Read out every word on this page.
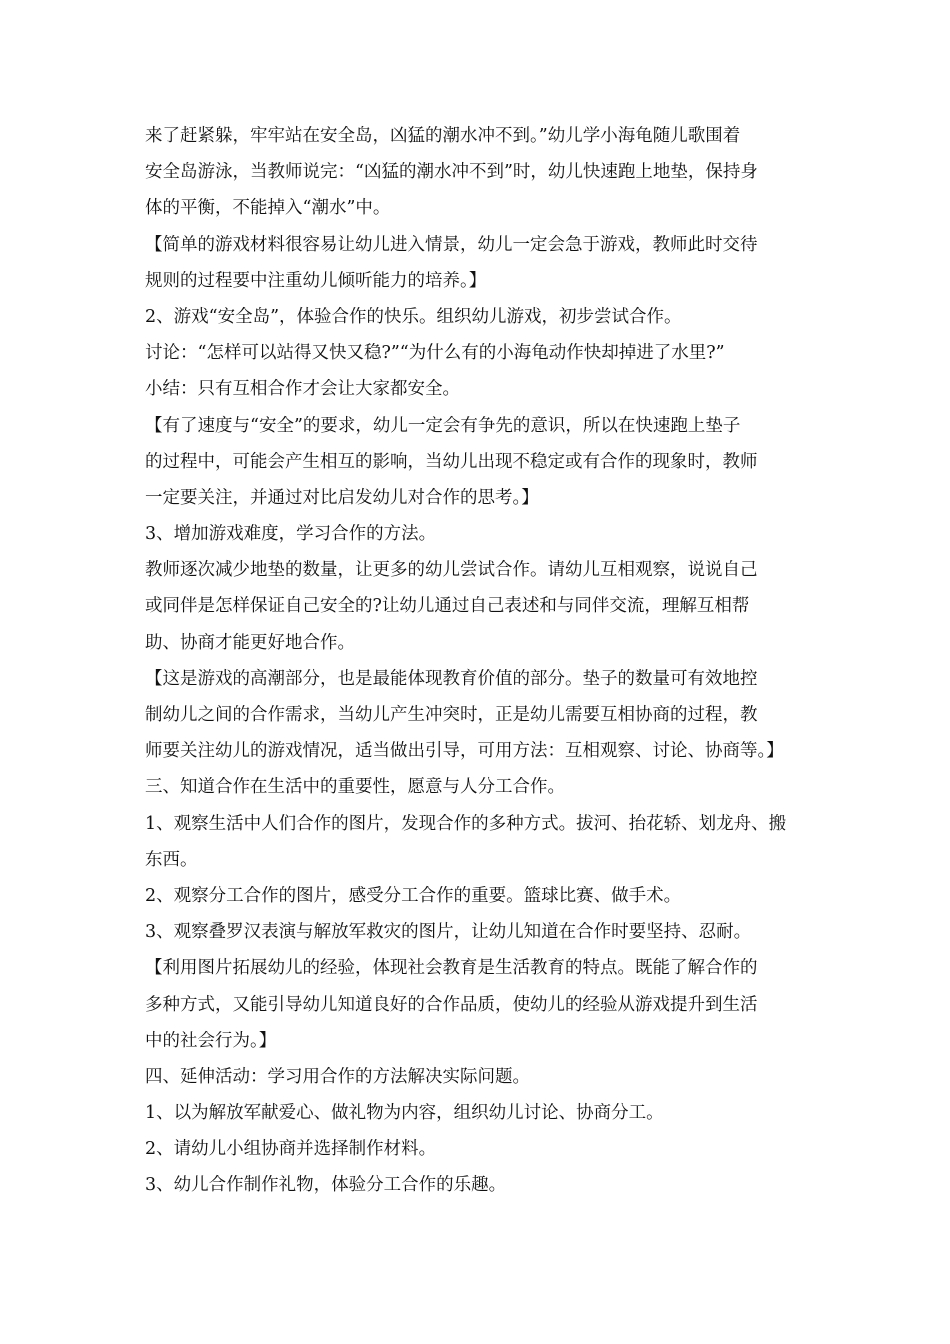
来了赶紧躲，牢牢站在安全岛，凶猛的潮水冲不到。”幼儿学小海龟随儿歌围着
安全岛游泳，当教师说完：“凶猛的潮水冲不到”时，幼儿快速跑上地垫，保持身
体的平衡，不能掉入“潮水”中。
【简单的游戏材料很容易让幼儿进入情景，幼儿一定会急于游戏，教师此时交待
规则的过程要中注重幼儿倾听能力的培养。】
2、游戏“安全岛”，体验合作的快乐。组织幼儿游戏，初步尝试合作。
讨论：“怎样可以站得又快又稳?”“为什么有的小海龟动作快却掉进了水里?”
小结：只有互相合作才会让大家都安全。
【有了速度与“安全”的要求，幼儿一定会有争先的意识，所以在快速跑上垫子
的过程中，可能会产生相互的影响，当幼儿出现不稳定或有合作的现象时，教师
一定要关注，并通过对比启发幼儿对合作的思考。】
3、增加游戏难度，学习合作的方法。
教师逐次减少地垫的数量，让更多的幼儿尝试合作。请幼儿互相观察，说说自己
或同伴是怎样保证自己安全的?让幼儿通过自己表述和与同伴交流，理解互相帮
助、协商才能更好地合作。
【这是游戏的高潮部分，也是最能体现教育价值的部分。垫子的数量可有效地控
制幼儿之间的合作需求，当幼儿产生冲突时，正是幼儿需要互相协商的过程，教
师要关注幼儿的游戏情况，适当做出引导，可用方法：互相观察、讨论、协商等。】
三、知道合作在生活中的重要性，愿意与人分工合作。
1、观察生活中人们合作的图片，发现合作的多种方式。拔河、抬花轿、划龙舟、搬
东西。
2、观察分工合作的图片，感受分工合作的重要。篮球比赛、做手术。
3、观察叠罗汉表演与解放军救灾的图片，让幼儿知道在合作时要坚持、忍耐。
【利用图片拓展幼儿的经验，体现社会教育是生活教育的特点。既能了解合作的
多种方式，又能引导幼儿知道良好的合作品质，使幼儿的经验从游戏提升到生活
中的社会行为。】
四、延伸活动：学习用合作的方法解决实际问题。
1、以为解放军献爱心、做礼物为内容，组织幼儿讨论、协商分工。
2、请幼儿小组协商并选择制作材料。
3、幼儿合作制作礼物，体验分工合作的乐趣。
